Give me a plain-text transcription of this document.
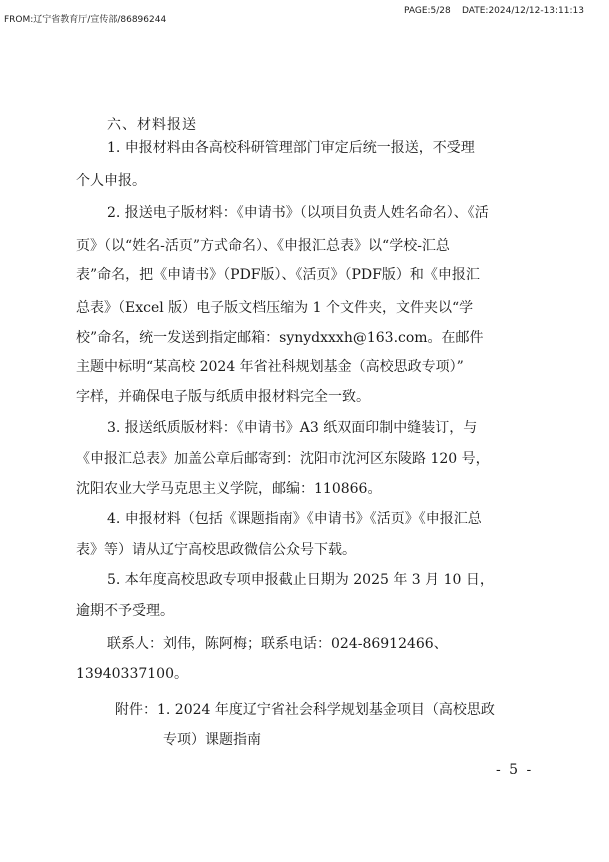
FROM:辽宁省教育厅/宣传部/86896244
PAGE:5/28 DATE:2024/12/12-13:11:13
六、材料报送
1. 申报材料由各高校科研管理部门审定后统一报送，不受理
个人申报。
2. 报送电子版材料：《申请书》（以项目负责人姓名命名）、《活
页》（以“姓名-活页”方式命名）、《申报汇总表》以“学校-汇总
表”命名，把《申请书》（PDF版）、《活页》（PDF版）和《申报汇
总表》（Excel 版）电子版文档压缩为 1 个文件夹，文件夹以“学
校”命名，统一发送到指定邮箱：synydxxxh@163.com。在邮件
主题中标明“某高校 2024 年省社科规划基金（高校思政专项）”
字样，并确保电子版与纸质申报材料完全一致。
3. 报送纸质版材料：《申请书》A3 纸双面印制中缝装订，与
《申报汇总表》加盖公章后邮寄到：沈阳市沈河区东陵路 120 号，
沈阳农业大学马克思主义学院，邮编：110866。
4. 申报材料（包括《课题指南》《申请书》《活页》《申报汇总
表》等）请从辽宁高校思政微信公众号下载。
5. 本年度高校思政专项申报截止日期为 2025 年 3 月 10 日，
逾期不予受理。
联系人：刘伟，陈阿梅；联系电话：024-86912466、
13940337100。
附件：1. 2024 年度辽宁省社会科学规划基金项目（高校思政
专项）课题指南
- 5 -
